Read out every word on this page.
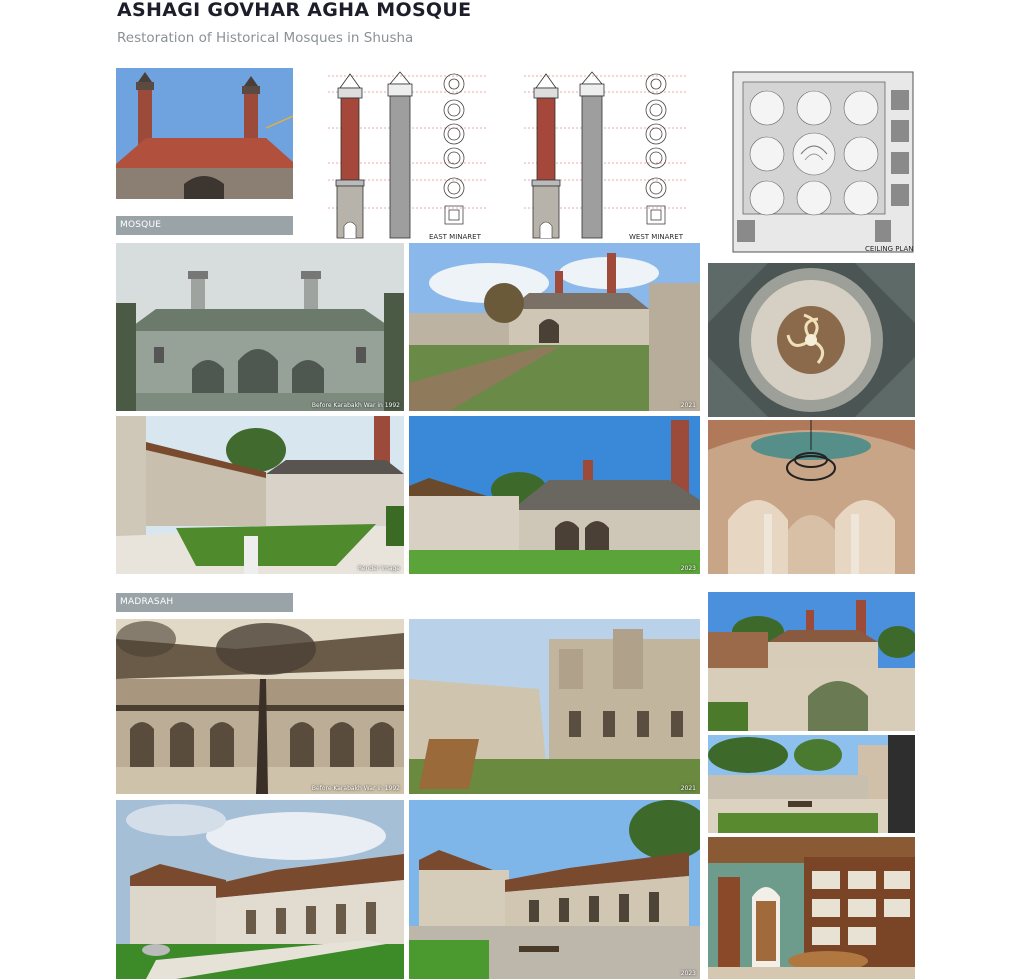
ASHAGI GOVHAR AGHA MOSQUE
Restoration of Historical Mosques in Shusha
MOSQUE
EAST MINARET	WEST MINARET
CEILING PLAN
Before Karabakh War in 1992	2021
Render Image	2023
MADRASAH
Before Karabakh War in 1992	2021
2023
